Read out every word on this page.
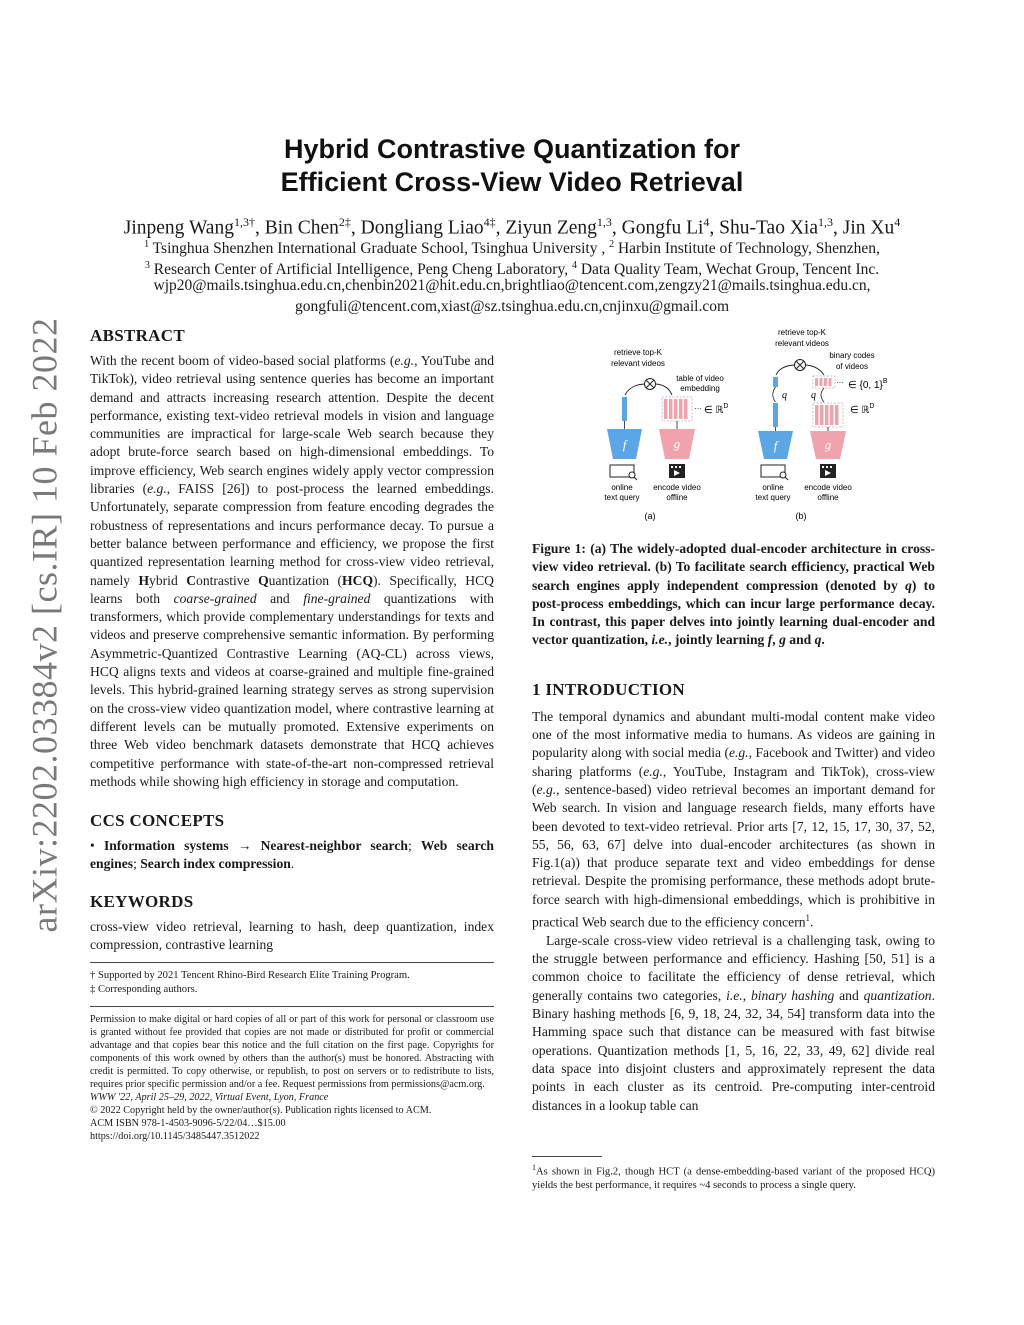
arXiv:2202.03384v2 [cs.IR] 10 Feb 2022
Hybrid Contrastive Quantization for
Efficient Cross-View Video Retrieval
Jinpeng Wang$^{1,3\dagger}$, Bin Chen$^{2\ddagger}$, Dongliang Liao$^{4\ddagger}$, Ziyun Zeng$^{1,3}$, Gongfu Li$^4$, Shu-Tao Xia$^{1,3}$, Jin Xu$^4$
$^1$ Tsinghua Shenzhen International Graduate School, Tsinghua University , $^2$ Harbin Institute of Technology, Shenzhen,
$^3$ Research Center of Artificial Intelligence, Peng Cheng Laboratory, $^4$ Data Quality Team, Wechat Group, Tencent Inc.
wjp20@mails.tsinghua.edu.cn,chenbin2021@hit.edu.cn,brightliao@tencent.com,zengzy21@mails.tsinghua.edu.cn,
gongfuli@tencent.com,xiast@sz.tsinghua.edu.cn,cnjinxu@gmail.com
ABSTRACT

With the recent boom of video-based social platforms (e.g., YouTube and TikTok), video retrieval using sentence queries has become an important demand and attracts increasing research attention. Despite the decent performance, existing text-video retrieval models in vision and language communities are impractical for large-scale Web search because they adopt brute-force search based on high-dimensional embeddings. To improve efficiency, Web search engines widely apply vector compression libraries (e.g., FAISS [26]) to post-process the learned embeddings. Unfortunately, separate compression from feature encoding degrades the robustness of representations and incurs performance decay. To pursue a better balance between performance and efficiency, we propose the first quantized representation learning method for cross-view video retrieval, namely Hybrid Contrastive Quantization (HCQ). Specifically, HCQ learns both coarse-grained and fine-grained quantizations with transformers, which provide complementary understandings for texts and videos and preserve comprehensive semantic information. By performing Asymmetric-Quantized Contrastive Learning (AQ-CL) across views, HCQ aligns texts and videos at coarse-grained and multiple fine-grained levels. This hybrid-grained learning strategy serves as strong supervision on the cross-view video quantization model, where contrastive learning at different levels can be mutually promoted. Extensive experiments on three Web video benchmark datasets demonstrate that HCQ achieves competitive performance with state-of-the-art non-compressed retrieval methods while showing high efficiency in storage and computation.

CCS CONCEPTS

• Information systems → Nearest-neighbor search; Web search engines; Search index compression.

KEYWORDS

cross-view video retrieval, learning to hash, deep quantization, index compression, contrastive learning

† Supported by 2021 Tencent Rhino-Bird Research Elite Training Program.
‡ Corresponding authors.

Permission to make digital or hard copies of all or part of this work for personal or classroom use is granted without fee provided that copies are not made or distributed for profit or commercial advantage and that copies bear this notice and the full citation on the first page. Copyrights for components of this work owned by others than the author(s) must be honored. Abstracting with credit is permitted. To copy otherwise, or republish, to post on servers or to redistribute to lists, requires prior specific permission and/or a fee. Request permissions from permissions@acm.org.

WWW '22, April 25–29, 2022, Virtual Event, Lyon, France

© 2022 Copyright held by the owner/author(s). Publication rights licensed to ACM.

ACM ISBN 978-1-4503-9096-5/22/04…$15.00

https://doi.org/10.1145/3485447.3512022

retrieve top-K
relevant videos
table of video
embedding
··· ∈ ℝ$^D$
f	g
online
text query
encode video
offline
(a)
retrieve top-K
relevant videos
binary codes
of videos
··· ∈ {0, 1}$^B$
q q
∈ ℝ$^D$
f	g
online
text query
encode video
offline
(b)

Figure 1: (a) The widely-adopted dual-encoder architecture in cross-view video retrieval. (b) To facilitate search efficiency, practical Web search engines apply independent compression (denoted by q) to post-process embeddings, which can incur large performance decay. In contrast, this paper delves into jointly learning dual-encoder and vector quantization, i.e., jointly learning f, g and q.

1 INTRODUCTION

The temporal dynamics and abundant multi-modal content make video one of the most informative media to humans. As videos are gaining in popularity along with social media (e.g., Facebook and Twitter) and video sharing platforms (e.g., YouTube, Instagram and TikTok), cross-view (e.g., sentence-based) video retrieval becomes an important demand for Web search. In vision and language research fields, many efforts have been devoted to text-video retrieval. Prior arts [7, 12, 15, 17, 30, 37, 52, 55, 56, 63, 67] delve into dual-encoder architectures (as shown in Fig.1(a)) that produce separate text and video embeddings for dense retrieval. Despite the promising performance, these methods adopt brute-force search with high-dimensional embeddings, which is prohibitive in practical Web search due to the efficiency concern$^1$.

Large-scale cross-view video retrieval is a challenging task, owing to the struggle between performance and efficiency. Hashing [50, 51] is a common choice to facilitate the efficiency of dense retrieval, which generally contains two categories, i.e., binary hashing and quantization. Binary hashing methods [6, 9, 18, 24, 32, 34, 54] transform data into the Hamming space such that distance can be measured with fast bitwise operations. Quantization methods [1, 5, 16, 22, 33, 49, 62] divide real data space into disjoint clusters and approximately represent the data points in each cluster as its centroid. Pre-computing inter-centroid distances in a lookup table can

$^1$As shown in Fig.2, though HCT (a dense-embedding-based variant of the proposed HCQ) yields the best performance, it requires ~4 seconds to process a single query.
